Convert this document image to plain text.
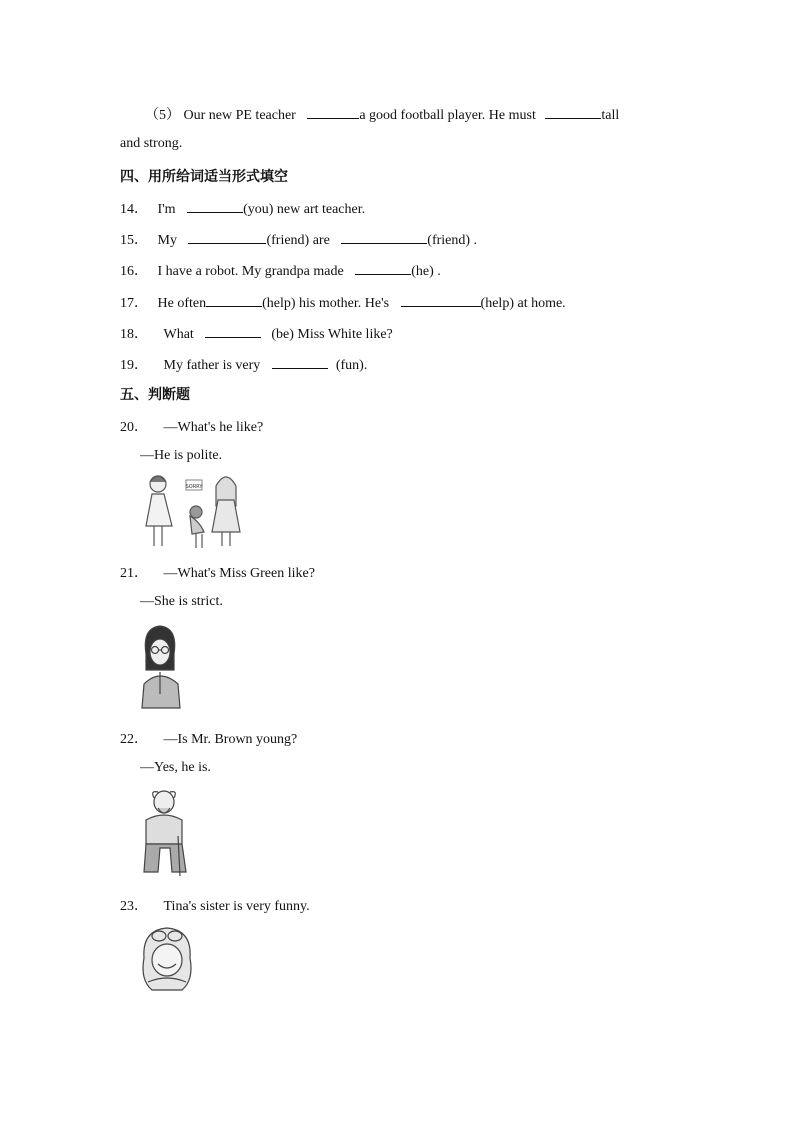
（5） Our new PE teacher	a good football player. He must	tall
and strong.
四、用所给词适当形式填空
14． I'm	(you) new art teacher.
15． My	(friend) are	(friend) .
16． I have a robot. My grandpa made	(he) .
17． He often	(help) his mother. He's	(help) at home.
18． What	(be) Miss White like?
19． My father is very	(fun).
五、判断题
20． —What's he like?
—He is polite.
SORRY
21． —What's Miss Green like?
—She is strict.
22． —Is Mr. Brown young?
—Yes, he is.
23． Tina's sister is very funny.
